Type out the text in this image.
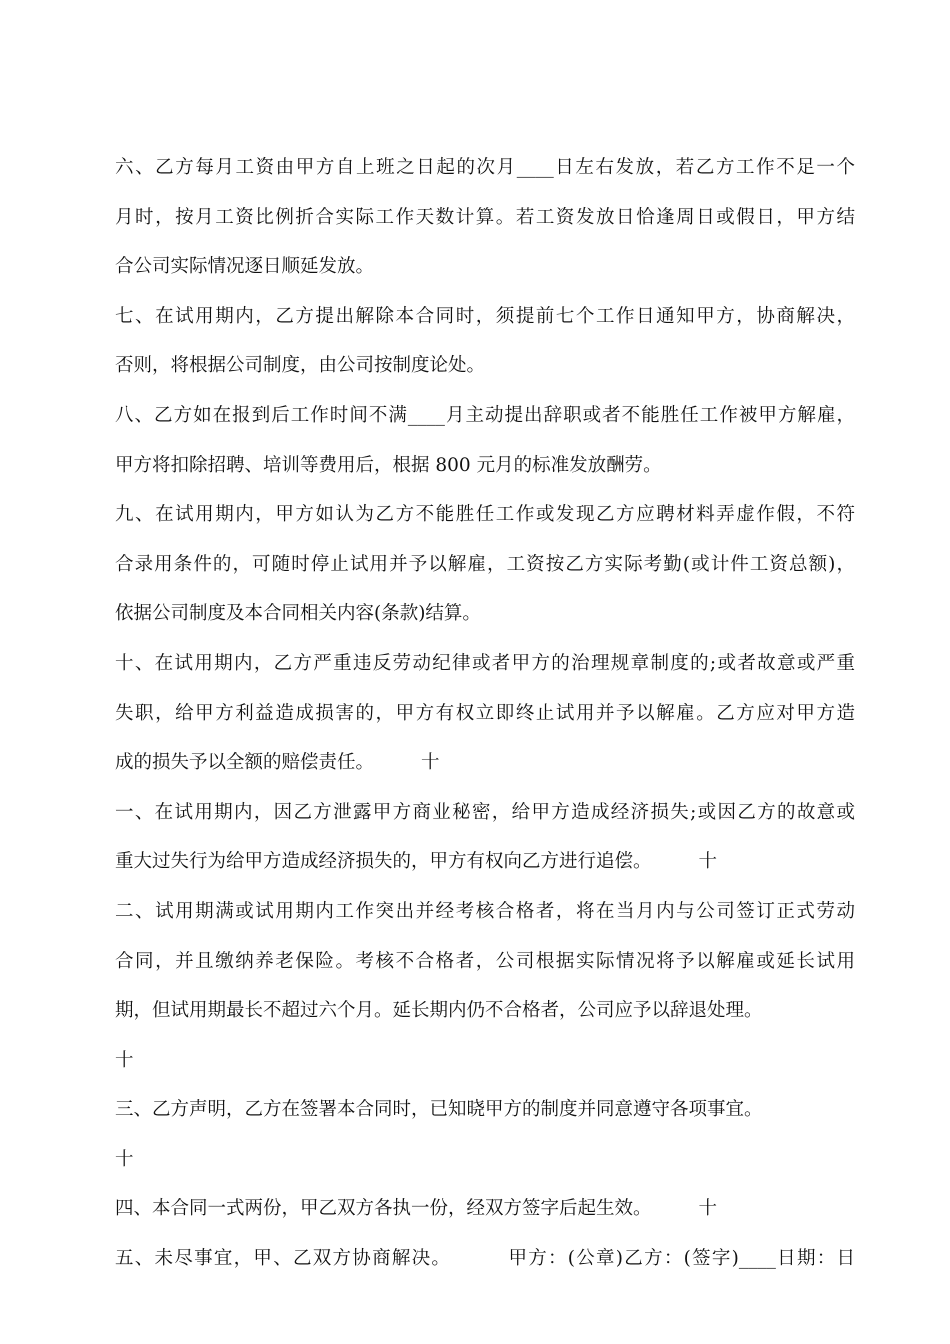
六、乙方每月工资由甲方自上班之日起的次月____日左右发放，若乙方工作不足一个
月时，按月工资比例折合实际工作天数计算。若工资发放日恰逢周日或假日，甲方结
合公司实际情况逐日顺延发放。
七、在试用期内，乙方提出解除本合同时，须提前七个工作日通知甲方，协商解决，
否则，将根据公司制度，由公司按制度论处。
八、乙方如在报到后工作时间不满____月主动提出辞职或者不能胜任工作被甲方解雇，
甲方将扣除招聘、培训等费用后，根据 800 元月的标准发放酬劳。
九、在试用期内，甲方如认为乙方不能胜任工作或发现乙方应聘材料弄虚作假，不符
合录用条件的，可随时停止试用并予以解雇，工资按乙方实际考勤(或计件工资总额)，
依据公司制度及本合同相关内容(条款)结算。
十、在试用期内，乙方严重违反劳动纪律或者甲方的治理规章制度的;或者故意或严重
失职，给甲方利益造成损害的，甲方有权立即终止试用并予以解雇。乙方应对甲方造
成的损失予以全额的赔偿责任。        十
一、在试用期内，因乙方泄露甲方商业秘密，给甲方造成经济损失;或因乙方的故意或
重大过失行为给甲方造成经济损失的，甲方有权向乙方进行追偿。        十
二、试用期满或试用期内工作突出并经考核合格者，将在当月内与公司签订正式劳动
合同，并且缴纳养老保险。考核不合格者，公司根据实际情况将予以解雇或延长试用
期，但试用期最长不超过六个月。延长期内仍不合格者，公司应予以辞退处理。
十
三、乙方声明，乙方在签署本合同时，已知晓甲方的制度并同意遵守各项事宜。
十
四、本合同一式两份，甲乙双方各执一份，经双方签字后起生效。        十
五、未尽事宜，甲、乙双方协商解决。        甲方：(公章)乙方：(签字)____日期：日
